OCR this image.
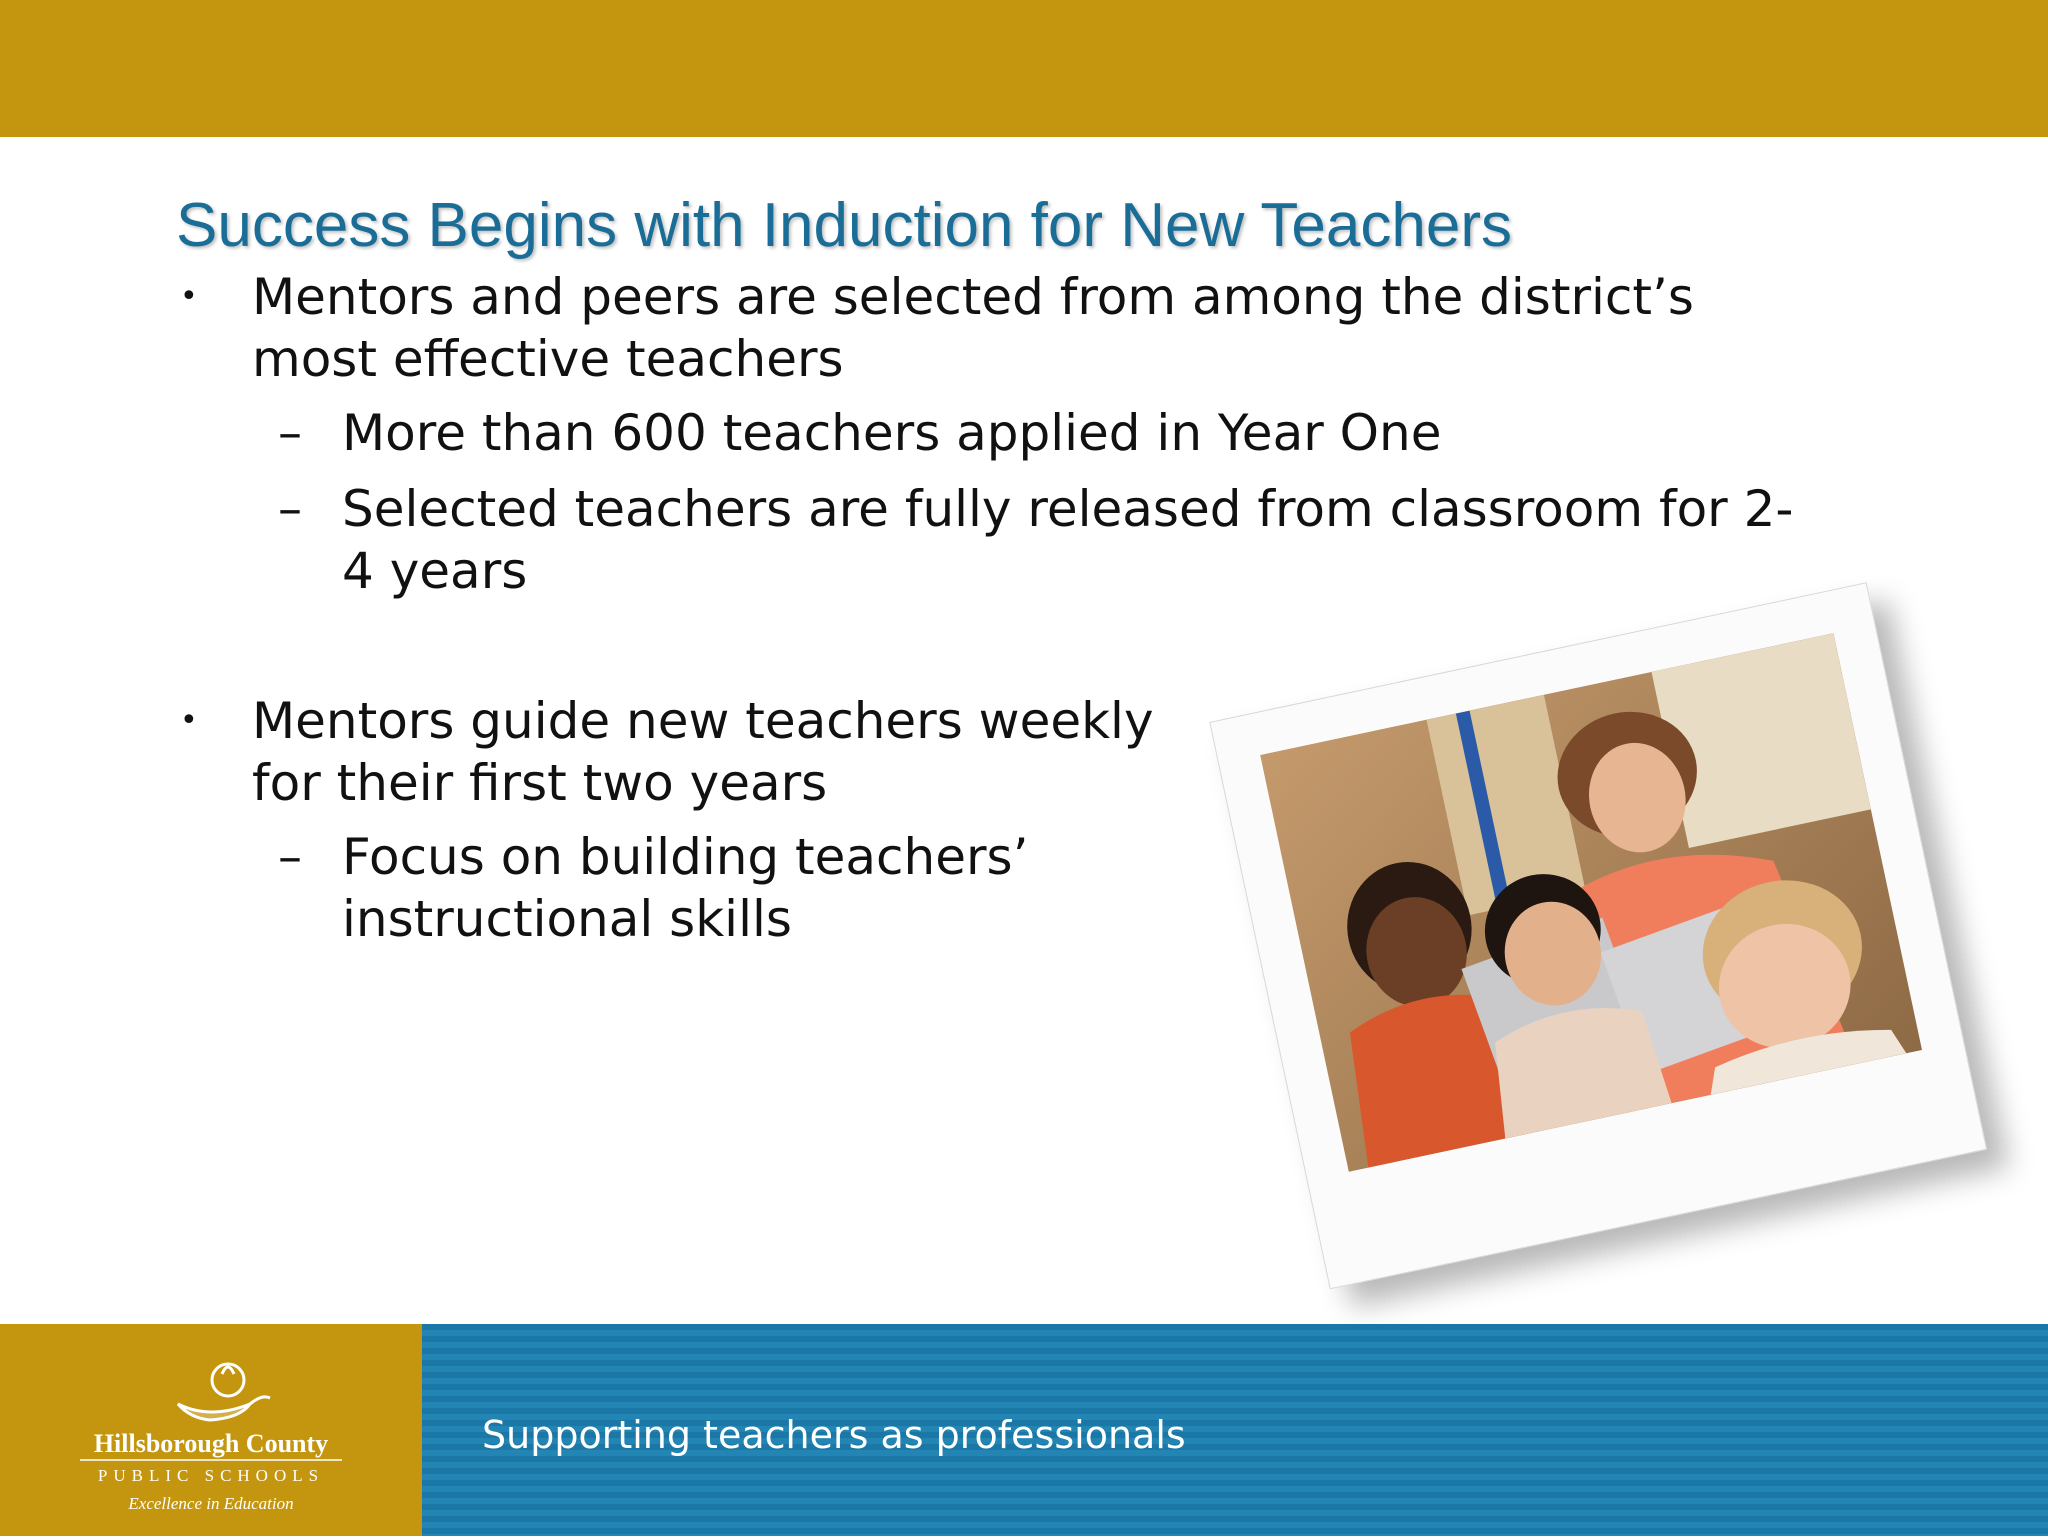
Success Begins with Induction for New Teachers
• Mentors and peers are selected from among the district’s
most effective teachers
– More than 600 teachers applied in Year One
– Selected teachers are fully released from classroom for 2-
4 years
• Mentors guide new teachers weekly
for their first two years
– Focus on building teachers’
instructional skills
Hillsborough County
PUBLIC SCHOOLS
Excellence in Education
Supporting teachers as professionals
